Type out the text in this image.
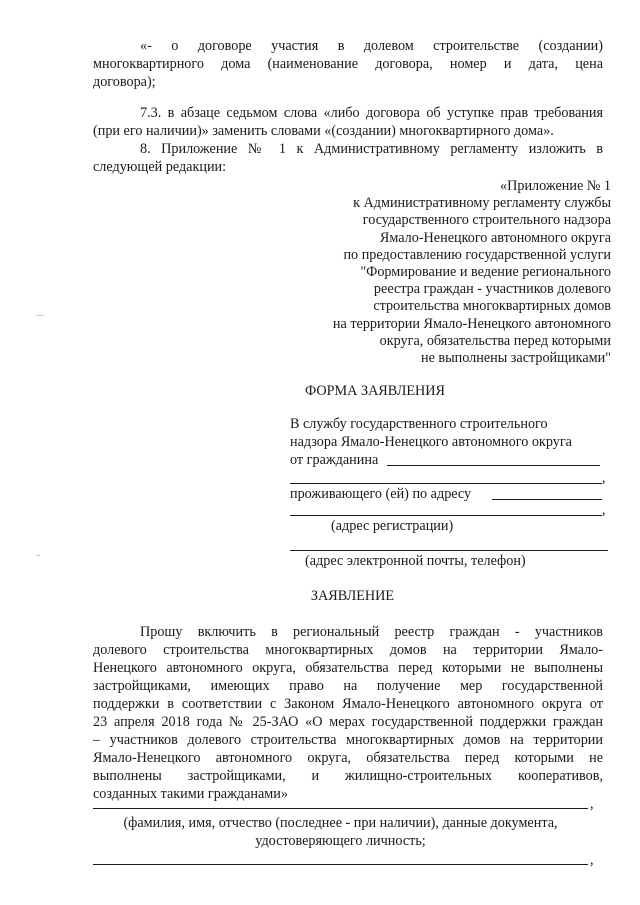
«- о договоре участия в долевом строительстве (создании)
многоквартирного дома (наименование договора, номер и дата, цена
договора);
7.3. в абзаце седьмом слова «либо договора об уступке прав требования
(при его наличии)» заменить словами «(создании) многоквартирного дома».
8. Приложение № 1 к Административному регламенту изложить в
следующей редакции:
«Приложение № 1
к Административному регламенту службы
государственного строительного надзора
Ямало-Ненецкого автономного округа
по предоставлению государственной услуги
"Формирование и ведение регионального
реестра граждан - участников долевого
строительства многоквартирных домов
на территории Ямало-Ненецкого автономного
округа, обязательства перед которыми
не выполнены застройщиками"
⌒
–
ФОРМА ЗАЯВЛЕНИЯ
В службу государственного строительного
надзора Ямало-Ненецкого автономного округа
от гражданина
,
проживающего (ей) по адресу
,
(адрес регистрации)
(адрес электронной почты, телефон)
ЗАЯВЛЕНИЕ
Прошу включить в региональный реестр граждан - участников
долевого строительства многоквартирных домов на территории Ямало-
Ненецкого автономного округа, обязательства перед которыми не выполнены
застройщиками, имеющих право на получение мер государственной
поддержки в соответствии с Законом Ямало-Ненецкого автономного округа от
23 апреля 2018 года № 25-ЗАО «О мерах государственной поддержки граждан
– участников долевого строительства многоквартирных домов на территории
Ямало-Ненецкого автономного округа, обязательства перед которыми не
выполнены застройщиками, и жилищно-строительных кооперативов,
созданных такими гражданами»
,
(фамилия, имя, отчество (последнее - при наличии), данные документа,
удостоверяющего личность;
,
